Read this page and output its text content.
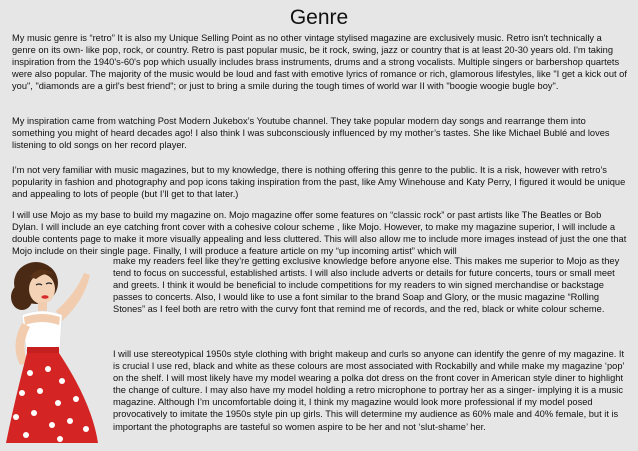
Genre

My music genre is “retro” It is also my Unique Selling Point as no other vintage stylised magazine are exclusively music. Retro isn't technically a genre on its own- like pop, rock, or country. Retro is past popular music, be it rock, swing, jazz or country that is at least 20-30 years old. I'm taking inspiration from the 1940's-60's pop which usually includes brass instruments, drums and a strong vocalists. Multiple singers or barbershop quartets were also popular. The majority of the music would be loud and fast with emotive lyrics of romance or rich, glamorous lifestyles, like "I get a kick out of you", "diamonds are a girl's best friend"; or just to bring a smile during the tough times of world war II with "boogie woogie bugle boy".

My inspiration came from watching Post Modern Jukebox’s Youtube channel. They take popular modern day songs and rearrange them into something you might of heard decades ago! I also think I was subconsciously influenced by my mother’s tastes. She like Michael Bublé and loves listening to old songs on her record player.

I’m not very familiar with music magazines, but to my knowledge, there is nothing offering this genre to the public. It is a risk, however with retro’s popularity in fashion and photography and pop icons taking inspiration from the past, like Amy Winehouse and Katy Perry, I figured it would be unique and appealing to lots of people (but I’ll get to that later.)

I will use Mojo as my base to build my magazine on. Mojo magazine offer some features on “classic rock” or past artists like The Beatles or Bob Dylan. I will include an eye catching front cover with a cohesive colour scheme , like Mojo. However, to make my magazine superior, I will include a double contents page to make it more visually appealing and less cluttered. This will also allow me to include more images instead of just the one that Mojo include on their single page. Finally, I will produce a feature article on my “up incoming artist” which will

make my readers feel like they’re getting exclusive knowledge before anyone else. This makes me superior to Mojo as they tend to focus on successful, established artists. I will also include adverts or details for future concerts, tours or small meet and greets. I think it would be beneficial to include competitions for my readers to win signed merchandise or backstage passes to concerts. Also, I would like to use a font similar to the brand Soap and Glory, or the music magazine “Rolling Stones” as I feel both are retro with the curvy font that remind me of records, and the red, black or white colour scheme.

I will use stereotypical 1950s style clothing with bright makeup and curls so anyone can identify the genre of my magazine. It is crucial I use red, black and white as these colours are most associated with Rockabilly and while make my magazine ‘pop’ on the shelf. I will most likely have my model wearing a polka dot dress on the front cover in American style diner to highlight the change of culture. I may also have my model holding a retro microphone to portray her as a singer- implying it is a music magazine. Although I’m uncomfortable doing it, I think my magazine would look more professional if my model posed provocatively to imitate the 1950s style pin up girls. This will determine my audience as 60% male and 40% female, but it is important the photographs are tasteful so women aspire to be her and not ‘slut-shame’ her.
